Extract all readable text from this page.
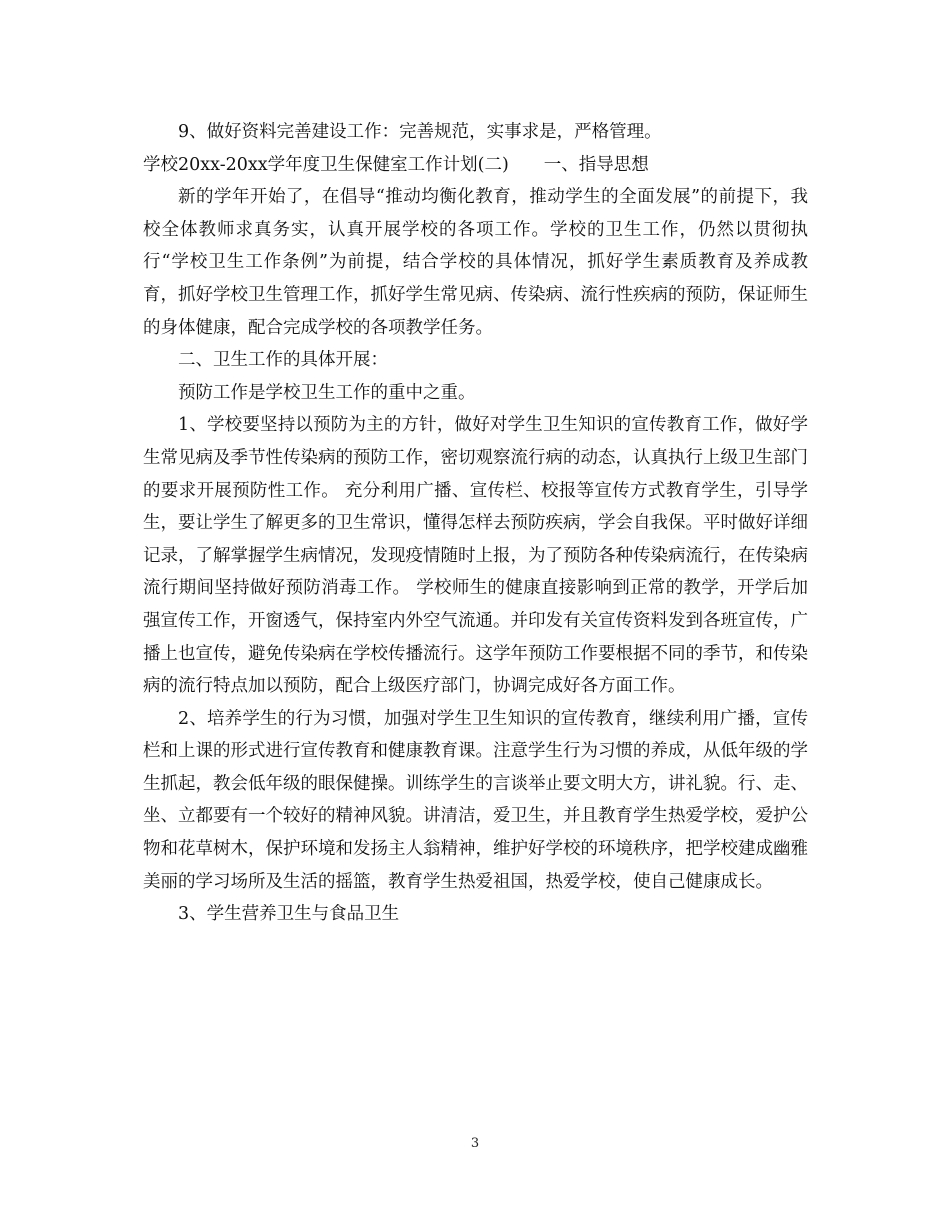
9、做好资料完善建设工作：完善规范，实事求是，严格管理。

学校20xx-20xx学年度卫生保健室工作计划(二)　　一、指导思想

新的学年开始了，在倡导“推动均衡化教育，推动学生的全面发展”的前提下，我校全体教师求真务实，认真开展学校的各项工作。学校的卫生工作，仍然以贯彻执行“学校卫生工作条例”为前提，结合学校的具体情况，抓好学生素质教育及养成教育，抓好学校卫生管理工作，抓好学生常见病、传染病、流行性疾病的预防，保证师生的身体健康，配合完成学校的各项教学任务。

二、卫生工作的具体开展：

预防工作是学校卫生工作的重中之重。

1、学校要坚持以预防为主的方针，做好对学生卫生知识的宣传教育工作，做好学生常见病及季节性传染病的预防工作，密切观察流行病的动态，认真执行上级卫生部门的要求开展预防性工作。 充分利用广播、宣传栏、校报等宣传方式教育学生，引导学生，要让学生了解更多的卫生常识，懂得怎样去预防疾病，学会自我保。平时做好详细记录，了解掌握学生病情况，发现疫情随时上报，为了预防各种传染病流行，在传染病流行期间坚持做好预防消毒工作。 学校师生的健康直接影响到正常的教学，开学后加强宣传工作，开窗透气，保持室内外空气流通。并印发有关宣传资料发到各班宣传，广播上也宣传，避免传染病在学校传播流行。这学年预防工作要根据不同的季节，和传染病的流行特点加以预防，配合上级医疗部门，协调完成好各方面工作。

2、培养学生的行为习惯，加强对学生卫生知识的宣传教育，继续利用广播，宣传栏和上课的形式进行宣传教育和健康教育课。注意学生行为习惯的养成，从低年级的学生抓起，教会低年级的眼保健操。训练学生的言谈举止要文明大方，讲礼貌。行、走、坐、立都要有一个较好的精神风貌。讲清洁，爱卫生，并且教育学生热爱学校，爱护公物和花草树木，保护环境和发扬主人翁精神，维护好学校的环境秩序，把学校建成幽雅美丽的学习场所及生活的摇篮，教育学生热爱祖国，热爱学校，使自己健康成长。

3、学生营养卫生与食品卫生

3
